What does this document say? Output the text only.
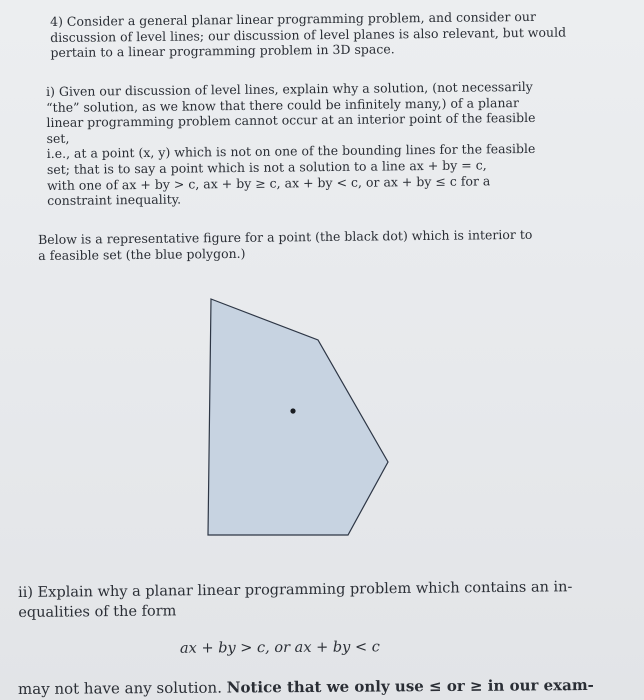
4) Consider a general planar linear programming problem, and consider our
discussion of level lines; our discussion of level planes is also relevant, but would
pertain to a linear programming problem in 3D space.
i) Given our discussion of level lines, explain why a solution, (not necessarily
“the” solution, as we know that there could be infinitely many,) of a planar
linear programming problem cannot occur at an interior point of the feasible
set,
i.e., at a point (x, y) which is not on one of the bounding lines for the feasible
set; that is to say a point which is not a solution to a line ax + by = c,
with one of ax + by > c, ax + by ≥ c, ax + by < c, or ax + by ≤ c for a
constraint inequality.
Below is a representative figure for a point (the black dot) which is interior to
a feasible set (the blue polygon.)
ii) Explain why a planar linear programming problem which contains an in-
equalities of the form
ax + by > c, or ax + by < c
may not have any solution. Notice that we only use ≤ or ≥ in our exam-
